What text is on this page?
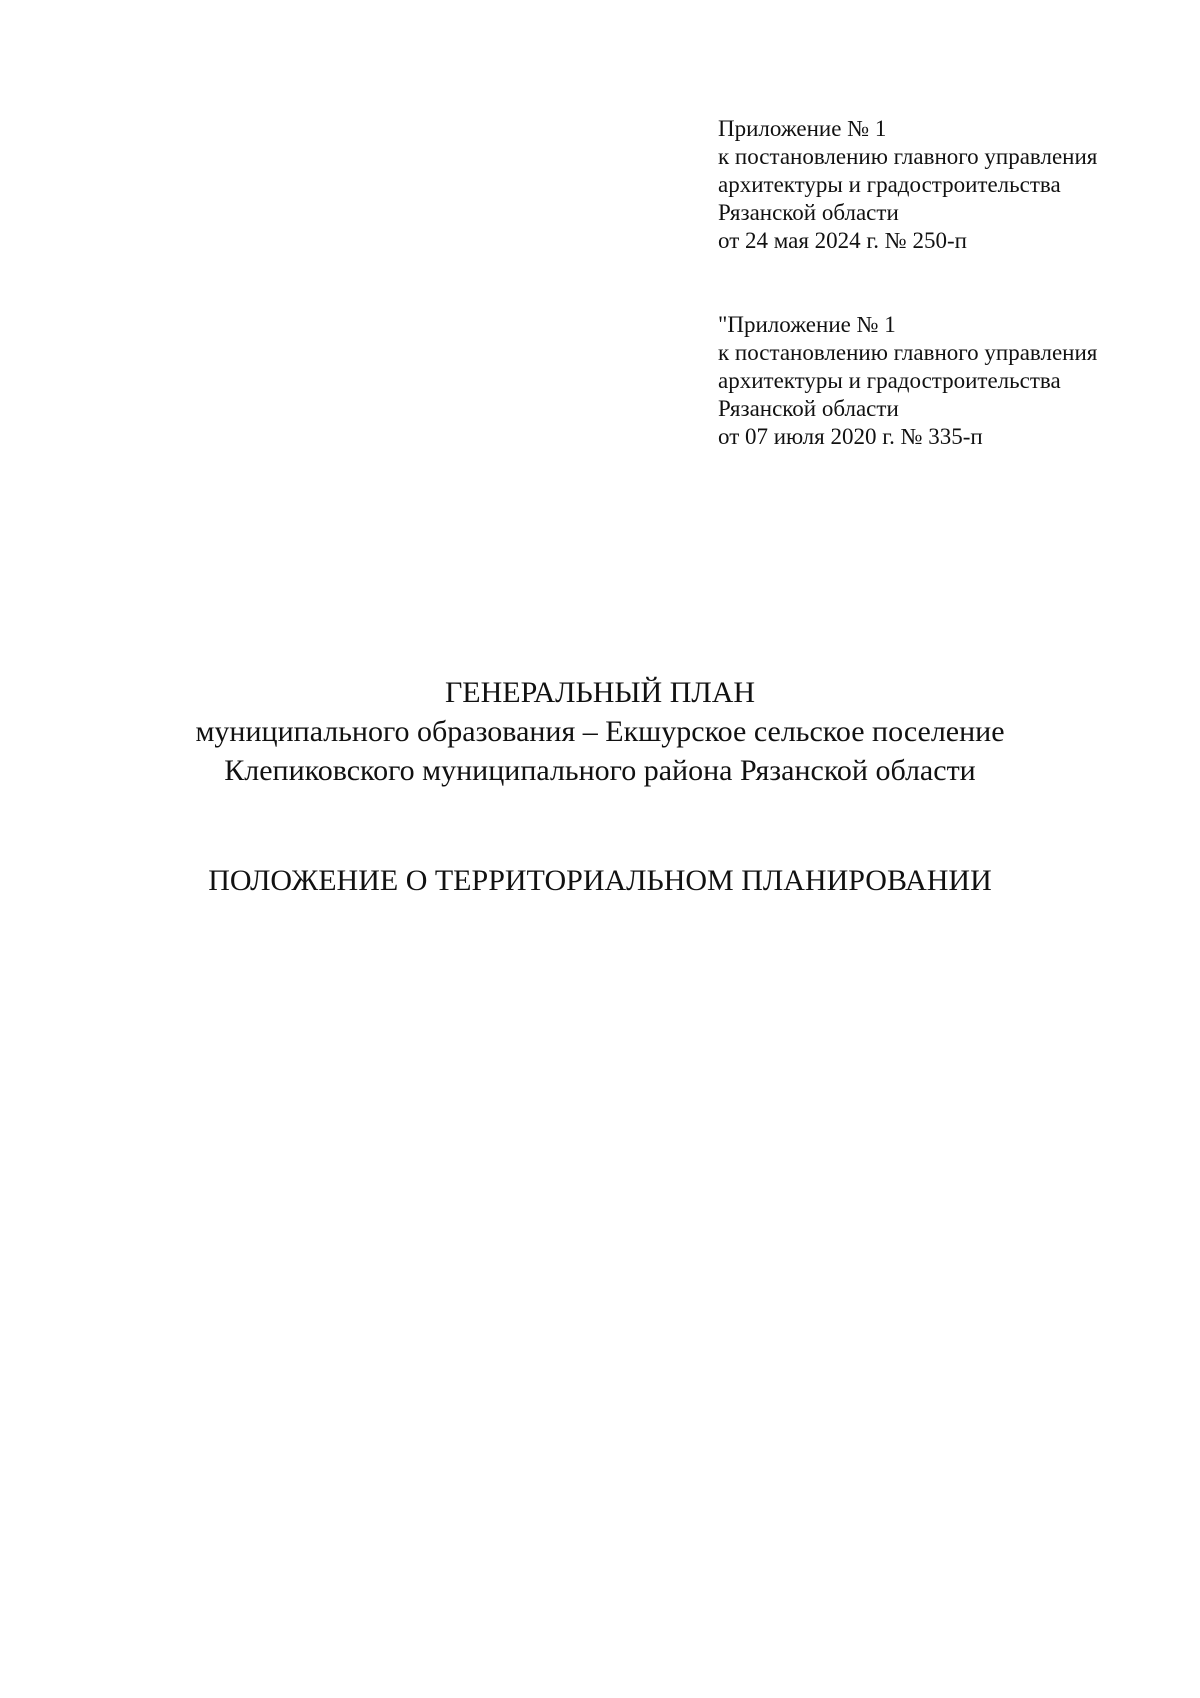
Приложение № 1
к постановлению главного управления
архитектуры и градостроительства
Рязанской области
от 24 мая 2024 г. № 250-п
"Приложение № 1
к постановлению главного управления
архитектуры и градостроительства
Рязанской области
от 07 июля 2020 г. № 335-п
ГЕНЕРАЛЬНЫЙ ПЛАН
муниципального образования – Екшурское сельское поселение
Клепиковского муниципального района Рязанской области
ПОЛОЖЕНИЕ О ТЕРРИТОРИАЛЬНОМ ПЛАНИРОВАНИИ
